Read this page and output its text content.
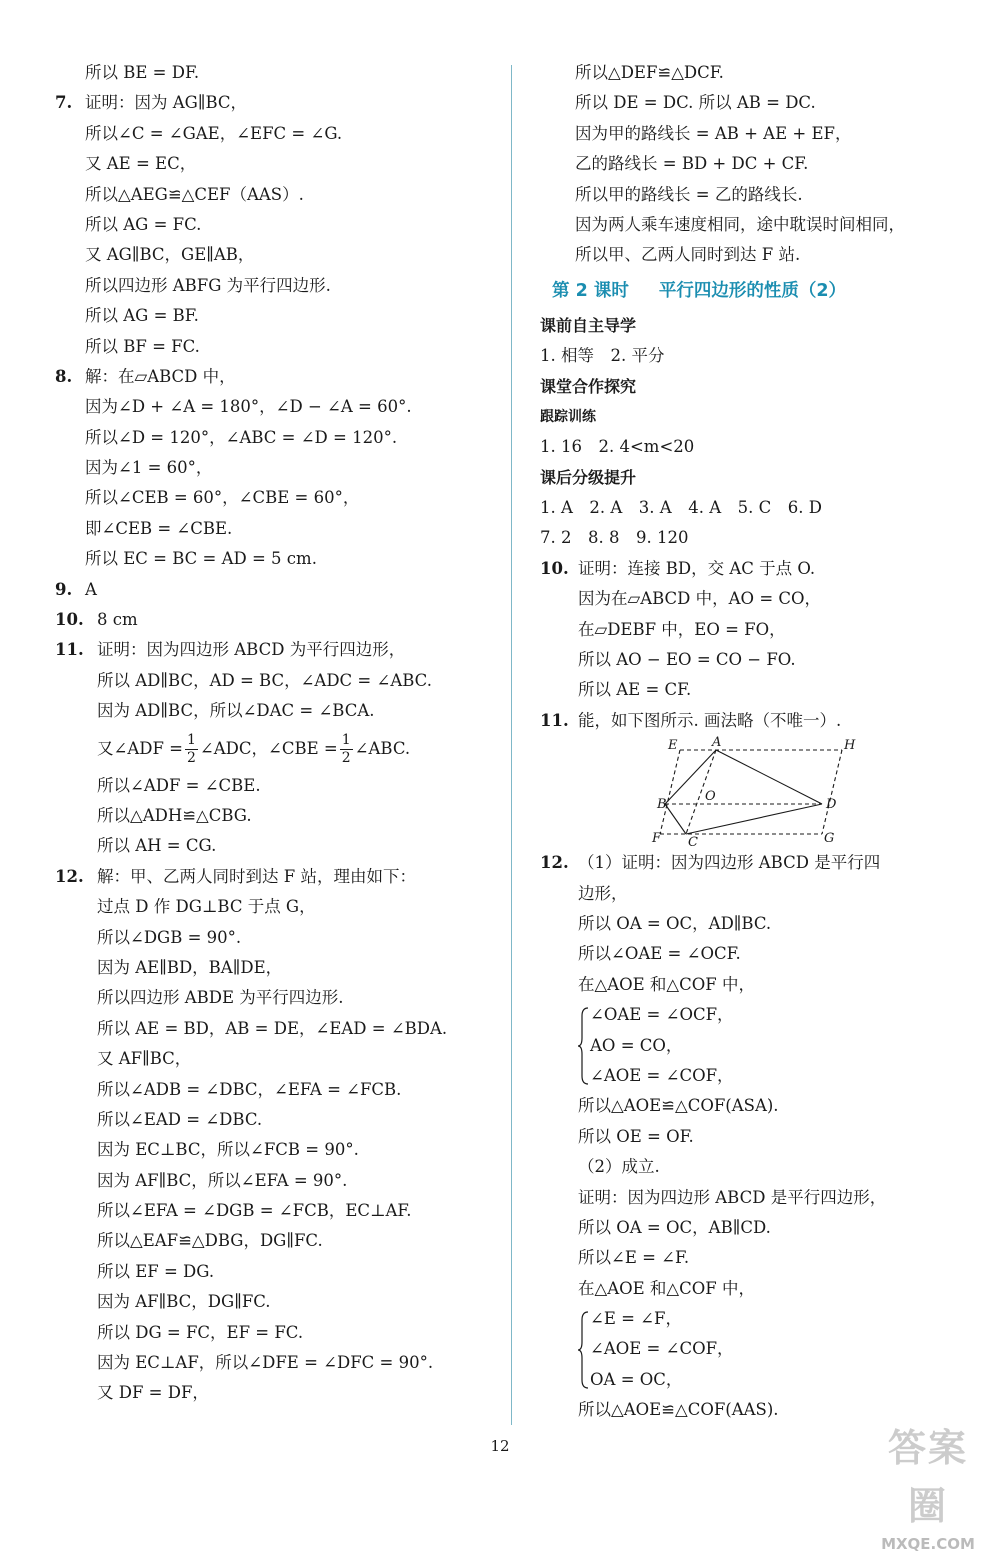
所以 BE = DF.
7. 证明：因为 AG∥BC，
所以∠C = ∠GAE，∠EFC = ∠G.
又 AE = EC，
所以△AEG≌△CEF（AAS）.
所以 AG = FC.
又 AG∥BC，GE∥AB，
所以四边形 ABFG 为平行四边形.
所以 AG = BF.
所以 BF = FC.
8. 解：在▱ABCD 中，
因为∠D + ∠A = 180°，∠D − ∠A = 60°.
所以∠D = 120°，∠ABC = ∠D = 120°.
因为∠1 = 60°，
所以∠CEB = 60°，∠CBE = 60°，
即∠CEB = ∠CBE.
所以 EC = BC = AD = 5 cm.
9. A
10. 8 cm
11. 证明：因为四边形 ABCD 为平行四边形，
所以 AD∥BC，AD = BC，∠ADC = ∠ABC.
因为 AD∥BC，所以∠DAC = ∠BCA.
又∠ADF = $\frac{1}{2}$ ∠ADC，∠CBE = $\frac{1}{2}$ ∠ABC.
所以∠ADF = ∠CBE.
所以△ADH≌△CBG.
所以 AH = CG.
12. 解：甲、乙两人同时到达 F 站，理由如下：
过点 D 作 DG⊥BC 于点 G，
所以∠DGB = 90°.
因为 AE∥BD，BA∥DE，
所以四边形 ABDE 为平行四边形.
所以 AE = BD，AB = DE，∠EAD = ∠BDA.
又 AF∥BC，
所以∠ADB = ∠DBC，∠EFA = ∠FCB.
所以∠EAD = ∠DBC.
因为 EC⊥BC，所以∠FCB = 90°.
因为 AF∥BC，所以∠EFA = 90°.
所以∠EFA = ∠DGB = ∠FCB，EC⊥AF.
所以△EAF≌△DBG，DG∥FC.
所以 EF = DG.
因为 AF∥BC，DG∥FC.
所以 DG = FC，EF = FC.
因为 EC⊥AF，所以∠DFE = ∠DFC = 90°.
又 DF = DF，
所以△DEF≌△DCF.
所以 DE = DC. 所以 AB = DC.
因为甲的路线长 = AB + AE + EF，
乙的路线长 = BD + DC + CF.
所以甲的路线长 = 乙的路线长.
因为两人乘车速度相同，途中耽误时间相同，
所以甲、乙两人同时到达 F 站.
第 2 课时 平行四边形的性质（2）
课前自主导学
1. 相等　2. 平分
课堂合作探究
跟踪训练
1. 16　2. 4<m<20
课后分级提升
1. A　2. A　3. A　4. A　5. C　6. D
7. 2　8. 8　9. 120
10. 证明：连接 BD，交 AC 于点 O.
因为在▱ABCD 中，AO = CO，
在▱DEBF 中，EO = FO，
所以 AO − EO = CO − FO.
所以 AE = CF.
11. 能，如下图所示. 画法略（不唯一）.
E	A	H
B
O
D
F C	G
12. （1）证明：因为四边形 ABCD 是平行四
边形，
所以 OA = OC，AD∥BC.
所以∠OAE = ∠OCF.
在△AOE 和△COF 中，
∠OAE = ∠OCF，
AO = CO，
∠AOE = ∠COF，
所以△AOE≌△COF(ASA).
所以 OE = OF.
（2）成立.
证明：因为四边形 ABCD 是平行四边形，
所以 OA = OC，AB∥CD.
所以∠E = ∠F.
在△AOE 和△COF 中，
∠E = ∠F，
∠AOE = ∠COF，
OA = OC，
所以△AOE≌△COF(AAS).
12	答案圈
MXQE.COM
